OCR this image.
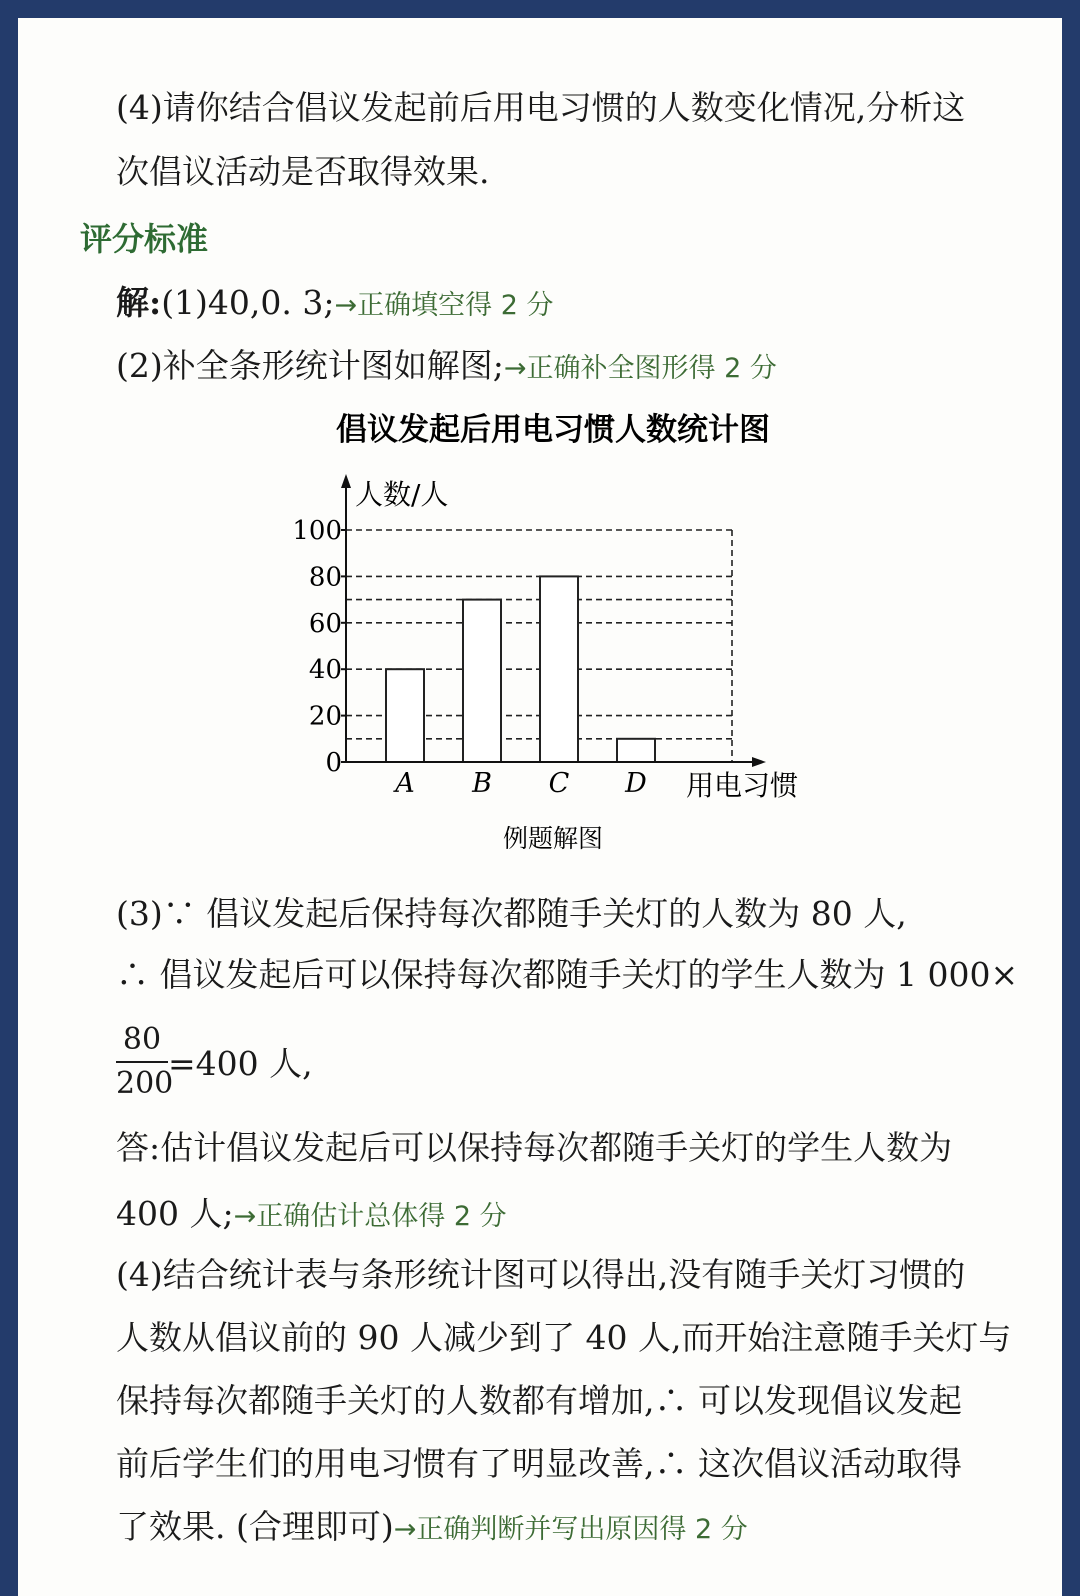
(4)请你结合倡议发起前后用电习惯的人数变化情况,分析这
次倡议活动是否取得效果.
评分标准
解:(1)40,0. 3;→正确填空得 2 分
(2)补全条形统计图如解图;→正确补全图形得 2 分
倡议发起后用电习惯人数统计图
A B C D
0
20
40
60
80
100
人数/人
用电习惯
例题解图
(3)∵ 倡议发起后保持每次都随手关灯的人数为 80 人,
∴ 倡议发起后可以保持每次都随手关灯的学生人数为 1 000×
80
200
=400 人,
答:估计倡议发起后可以保持每次都随手关灯的学生人数为
400 人;→正确估计总体得 2 分
(4)结合统计表与条形统计图可以得出,没有随手关灯习惯的
人数从倡议前的 90 人减少到了 40 人,而开始注意随手关灯与
保持每次都随手关灯的人数都有增加,∴ 可以发现倡议发起
前后学生们的用电习惯有了明显改善,∴ 这次倡议活动取得
了效果. (合理即可)→正确判断并写出原因得 2 分
